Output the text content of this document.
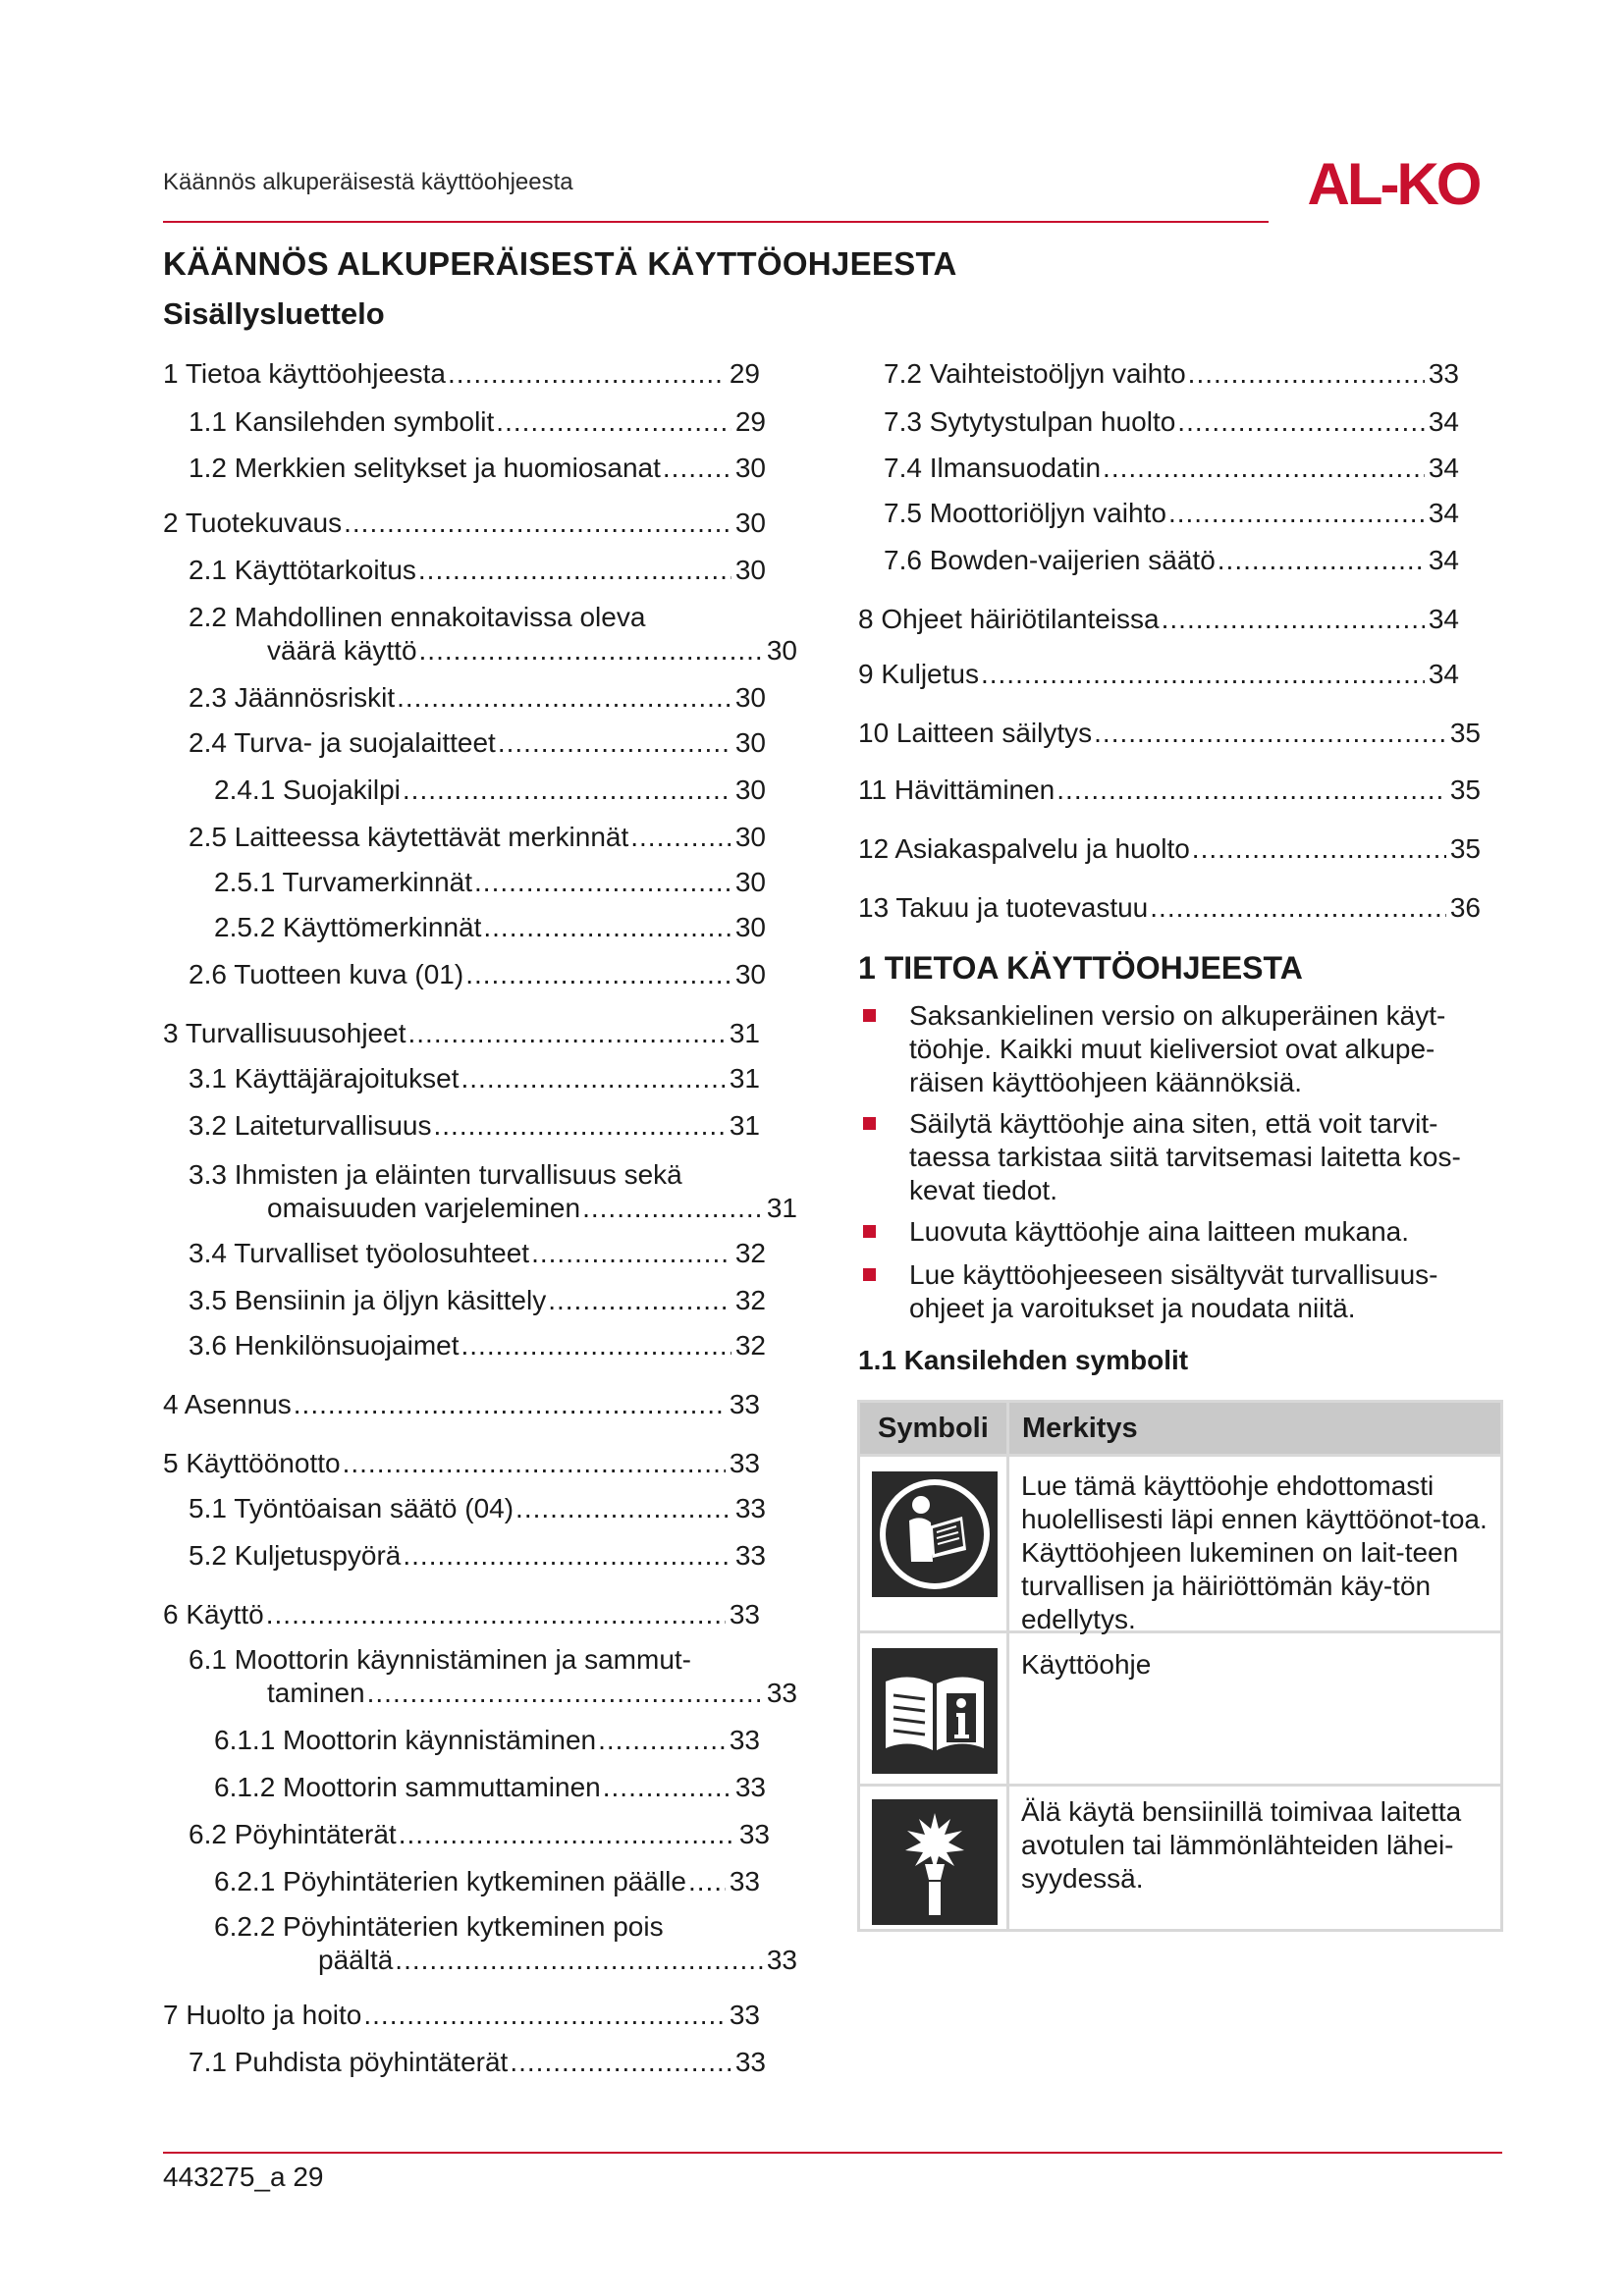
Käännös alkuperäisestä käyttöohjeesta	AL-KO
KÄÄNNÖS ALKUPERÄISESTÄ KÄYTTÖOHJEESTA
Sisällysluettelo
1 Tietoa käyttöohjeesta .....	29
1.1 Kansilehden symbolit .....	29
1.2 Merkkien selitykset ja huomiosanat .....	30
2 Tuotekuvaus .....	30
2.1 Käyttötarkoitus .....	30
2.2 Mahdollinen ennakoitavissa oleva
väärä käyttö .....	30
2.3 Jäännösriskit .....	30
2.4 Turva- ja suojalaitteet .....	30
2.4.1 Suojakilpi .....	30
2.5 Laitteessa käytettävät merkinnät .....	30
2.5.1 Turvamerkinnät .....	30
2.5.2 Käyttömerkinnät .....	30
2.6 Tuotteen kuva (01) .....	30
3 Turvallisuusohjeet .....	31
3.1 Käyttäjärajoitukset .....	31
3.2 Laiteturvallisuus .....	31
3.3 Ihmisten ja eläinten turvallisuus sekä
omaisuuden varjeleminen .....	31
3.4 Turvalliset työolosuhteet .....	32
3.5 Bensiinin ja öljyn käsittely .....	32
3.6 Henkilönsuojaimet .....	32
4 Asennus .....	33
5 Käyttöönotto .....	33
5.1 Työntöaisan säätö (04) .....	33
5.2 Kuljetuspyörä .....	33
6 Käyttö .....	33
6.1 Moottorin käynnistäminen ja sammut-
taminen .....	33
6.1.1 Moottorin käynnistäminen .....	33
6.1.2 Moottorin sammuttaminen .....	33
6.2 Pöyhintäterät .....	33
6.2.1 Pöyhintäterien kytkeminen päälle ..... 33
6.2.2 Pöyhintäterien kytkeminen pois
päältä .....	33
7 Huolto ja hoito .....	33
7.1 Puhdista pöyhintäterät .....	33
7.2 Vaihteistoöljyn vaihto .....	33
7.3 Sytytystulpan huolto .....	34
7.4 Ilmansuodatin .....	34
7.5 Moottoriöljyn vaihto .....	34
7.6 Bowden-vaijerien säätö .....	34
8 Ohjeet häiriötilanteissa .....	34
9 Kuljetus .....	34
10 Laitteen säilytys .....	35
11 Hävittäminen .....	35
12 Asiakaspalvelu ja huolto .....	35
13 Takuu ja tuotevastuu .....	36
1 TIETOA KÄYTTÖOHJEESTA
Saksankielinen versio on alkuperäinen käyt-töohje. Kaikki muut kieliversiot ovat alkupe-räisen käyttöohjeen käännöksiä.
Säilytä käyttöohje aina siten, että voit tarvit-taessa tarkistaa siitä tarvitsemasi laitetta kos-kevat tiedot.
Luovuta käyttöohje aina laitteen mukana.
Lue käyttöohjeeseen sisältyvät turvallisuus-ohjeet ja varoitukset ja noudata niitä.
1.1 Kansilehden symbolit
Symboli Merkitys
Lue tämä käyttöohje ehdottomasti huolellisesti läpi ennen käyttöönot-toa. Käyttöohjeen lukeminen on lait-teen turvallisen ja häiriöttömän käy-tön edellytys.
Käyttöohje
Älä käytä bensiinillä toimivaa laitetta avotulen tai lämmönlähteiden lähei-syydessä.
443275_a 29
